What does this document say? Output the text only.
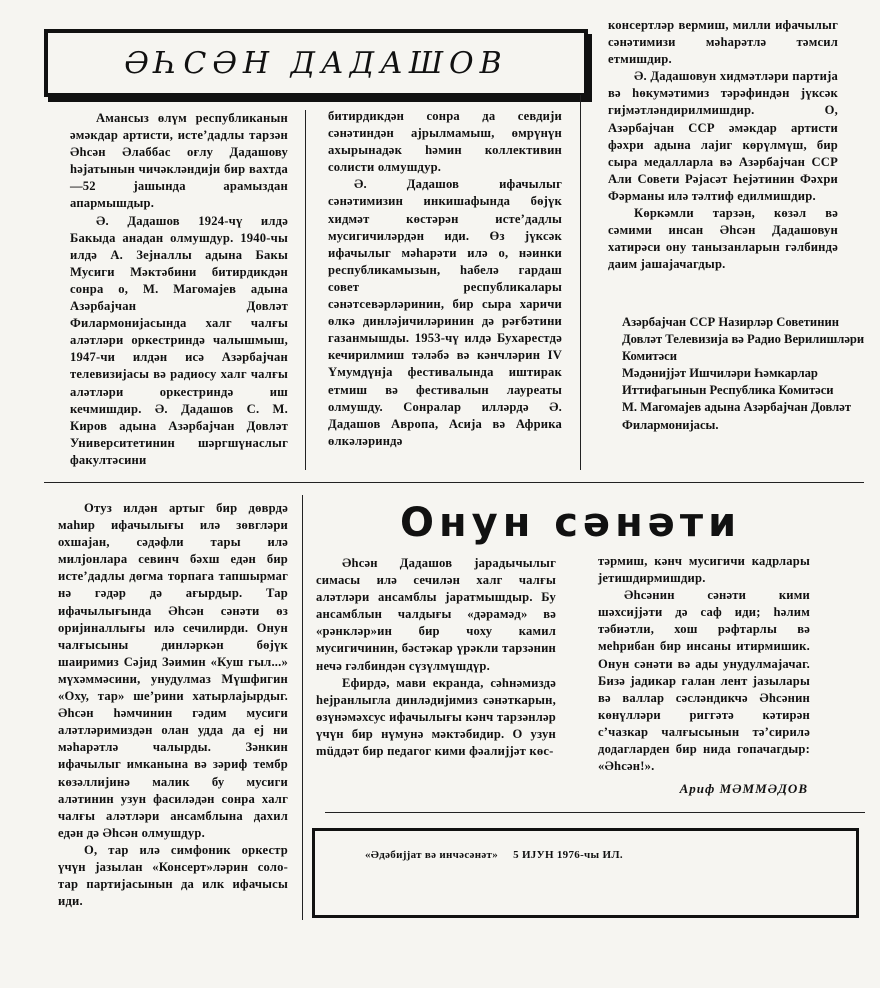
ӘҺСӘН ДАДАШОВ

Амансыз өлүм республиканын әмәкдар артисти, истеʼдадлы тарзән Әһсән Әлаббас оғлу Дадашову һәјатынын чичәкләндији бир вахтда—52 јашында арамыздан апармышдыр.

Ә. Дадашов 1924-чү илдә Бакыда анадан олмушдур. 1940-чы илдә А. Зејналлы адына Бакы Мусиги Мәктәбини битирдикдән сонра о, М. Магомајев адына Азәрбајчан Довләт Филармонијасында халг чалғы аләтләри оркестриндә чалышмыш, 1947-чи илдән исә Азәрбајчан телевизијасы вә радиосу халг чалғы аләтләри оркестриндә иш кечмишдир. Ә. Дадашов С. М. Киров адына Азәрбајчан Довләт Университетинин шәргшүнаслыг факултәсини

битирдикдән сонра да севдији сәнәтиндән ајрылмамыш, өмрүнүн ахырынадәк һәмин коллективин солисти олмушдур.

Ә. Дадашов ифачылыг сәнәтимизин инкишафында бөјүк хидмәт көстәрән истеʼдадлы мусигичиләрдән иди. Өз јүксәк ифачылыг мәһарәти илә о, нәинки республикамызын, һабелә гардаш совет республикалары сәнәтсевәрләринин, бир сыра харичи өлкә динләјичиләринин дә рәғбәтини газанмышды. 1953-чү илдә Бухарестдә кечирилмиш тәләбә вә кәнчләрин IV Үмумдүнја фестивалында иштирак етмиш вә фестивалын лауреаты олмушду. Сонралар илләрдә Ә. Дадашов Авропа, Асија вә Африка өлкәләриндә

консертләр вермиш, милли ифачылыг сәнәтимизи мәһарәтлә тәмсил етмишдир.

Ә. Дадашовун хидмәтләри партија вә һөкумәтимиз тәрәфиндән јүксәк гијмәтләндирилмишдир. О, Азәрбајчан ССР әмәкдар артисти фәхри адына лајиг көрүлмүш, бир сыра медалларла вә Азәрбајчан ССР Али Совети Рәјасәт Һејәтинин Фәхри Фәрманы илә тәлтиф едилмишдир.

Көркәмли тарзән, көзәл вә сәмими инсан Әһсән Дадашовун хатирәси ону танызанларын гәлбиндә даим јашајачагдыр.

Азәрбајчан ССР Назирләр Советинин Довләт Телевизија вә Радио Верилишләри Комитәси
Мәдәнијјәт Ишчиләри Һәмкарлар Иттифагынын Республика Комитәси
М. Магомајев адына Азәрбајчан Довләт Филармонијасы.

Отуз илдән артыг бир дөврдә маһир ифачылығы илә зөвгләри охшајан, сәдәфли тары илә милјонлара севинч бәхш едән бир истеʼдадлы дөгма торпага тапшырмаг нә гәдәр дә ағырдыр. Тар ифачылығында Әһсән сәнәти өз оријиналлығы илә сечилирди. Онун чалғысыны динләркән бөјүк шаиримиз Сәјид Зәимин «Куш гыл...» мүхәммәсини, унудулмаз Мүшфигин «Оху, тар» шеʼрини хатырлајырдыг. Әһсән һәмчинин гәдим мусиги аләтләримиздән олан удда да еј ни мәһарәтлә чалырды. Зәнкин ифачылыг имканына вә зәриф тембр көзәллијинә малик бу мусиги алəтинин узун фасиләдән сонра халг чалғы аләтләри ансамблына дахил едән дә Әһсән олмушдур.

О, тар илә симфоник оркестр үчүн јазылан «Консерт»ләрин соло-тар партијасынын да илк ифачысы иди.

Онун сәнәти

Әһсән Дадашов јарадычылыг симасы илә сечилән халг чалғы аләтләри ансамблы јаратмышдыр. Бу ансамблын чалдығы «дәрамәд» вә «рәнкләр»ин бир чоху камил мусигичинин, бәстәкар үрәкли тарзәнин нечә гәлбиндән сүзүлмүшдүр.

Ефирдә, мави екранда, сәһнәмиздә һејранлыгла динләдијимиз сәнәткарын, өзүнәмәхсус ифачылығы кәнч тарзәнләр үчүн бир нүмунә мәктәбидир. О узун müддәт бир педагог кими фәалијјәт көс-

тәрмиш, кәнч мусигичи кадрлары јетишдирмишдир.

Әһсәнин сәнәти кими шәхсијјәти дә саф иди; һәлим тәбиәтли, хош рәфтарлы вә меһрибан бир инсаны итирмишик. Онун сәнәти вә ады унудулмајачаг. Бизә јадикар галан лент јазылары вә валлар сәсләндикчә Әһсәнин көнүлләри риггәтә кәтирән сʼчазкар чалғысынын тәʼсирилә додагларден бир нида гопачагдыр: «Әһсән!».

Ариф МӘММӘДОВ
«Әдәбијјат вә инчәсәнәт» 5 ИЈУН 1976-чы ИЛ.
